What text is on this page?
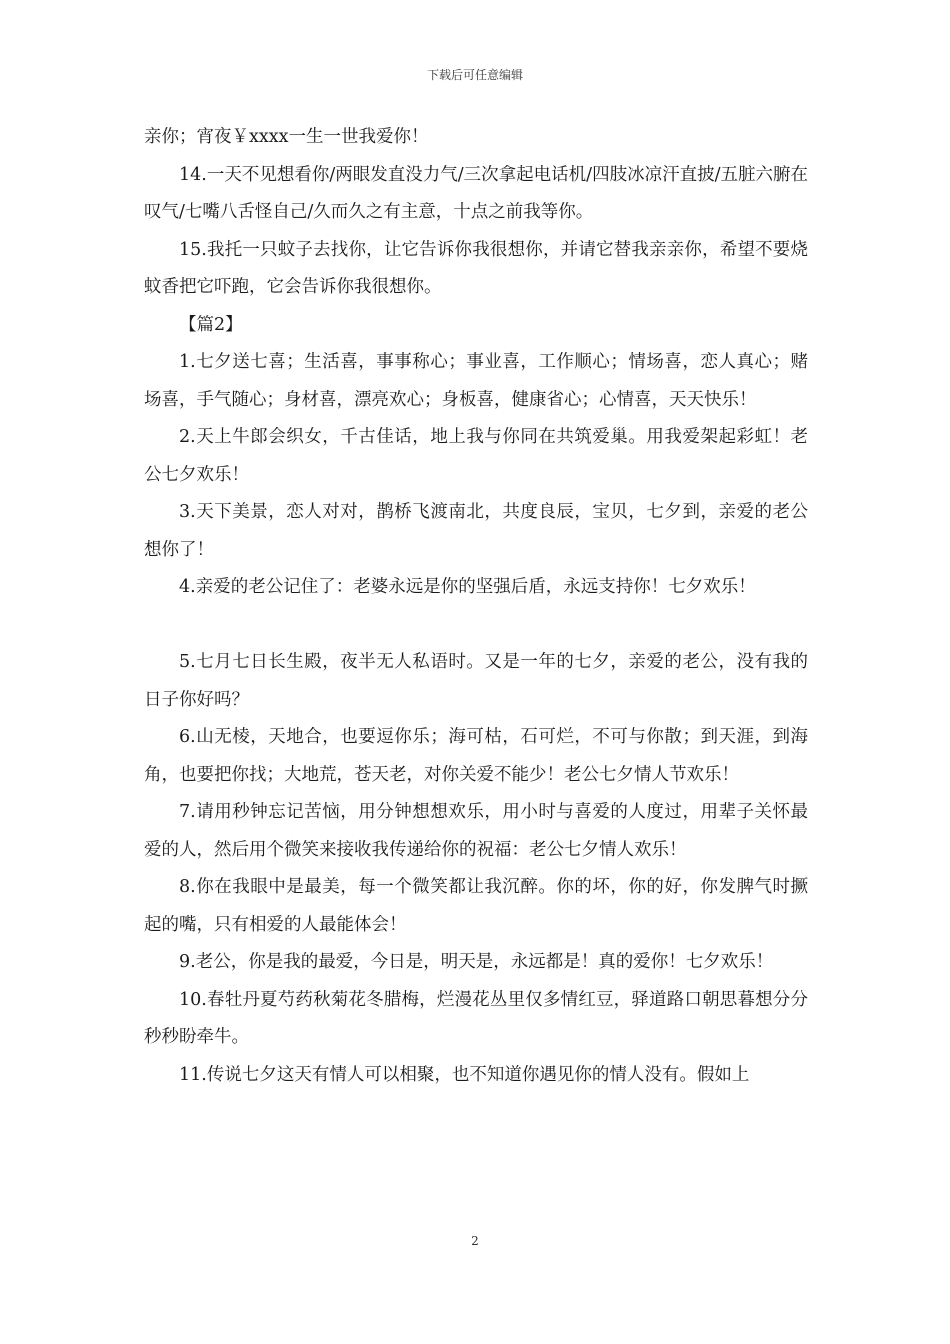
下载后可任意编辑

亲你；宵夜￥xxxx一生一世我爱你！

14.一天不见想看你/两眼发直没力气/三次拿起电话机/四肢冰凉汗直披/五脏六腑在叹气/七嘴八舌怪自己/久而久之有主意，十点之前我等你。

15.我托一只蚊子去找你，让它告诉你我很想你，并请它替我亲亲你，希望不要烧蚊香把它吓跑，它会告诉你我很想你。

【篇2】

1.七夕送七喜；生活喜，事事称心；事业喜，工作顺心；情场喜，恋人真心；赌场喜，手气随心；身材喜，漂亮欢心；身板喜，健康省心；心情喜，天天快乐！

2.天上牛郎会织女，千古佳话，地上我与你同在共筑爱巢。用我爱架起彩虹！老公七夕欢乐！

3.天下美景，恋人对对，鹊桥飞渡南北，共度良辰，宝贝，七夕到，亲爱的老公想你了！

4.亲爱的老公记住了：老婆永远是你的坚强后盾，永远支持你！七夕欢乐！

5.七月七日长生殿，夜半无人私语时。又是一年的七夕，亲爱的老公，没有我的日子你好吗？

6.山无棱，天地合，也要逗你乐；海可枯，石可烂，不可与你散；到天涯，到海角，也要把你找；大地荒，苍天老，对你关爱不能少！老公七夕情人节欢乐！

7.请用秒钟忘记苦恼，用分钟想想欢乐，用小时与喜爱的人度过，用辈子关怀最爱的人，然后用个微笑来接收我传递给你的祝福：老公七夕情人欢乐！

8.你在我眼中是最美，每一个微笑都让我沉醉。你的坏，你的好，你发脾气时撅起的嘴，只有相爱的人最能体会！

9.老公，你是我的最爱，今日是，明天是，永远都是！真的爱你！七夕欢乐！

10.春牡丹夏芍药秋菊花冬腊梅，烂漫花丛里仅多情红豆，驿道路口朝思暮想分分秒秒盼牵牛。

11.传说七夕这天有情人可以相聚，也不知道你遇见你的情人没有。假如上

2
